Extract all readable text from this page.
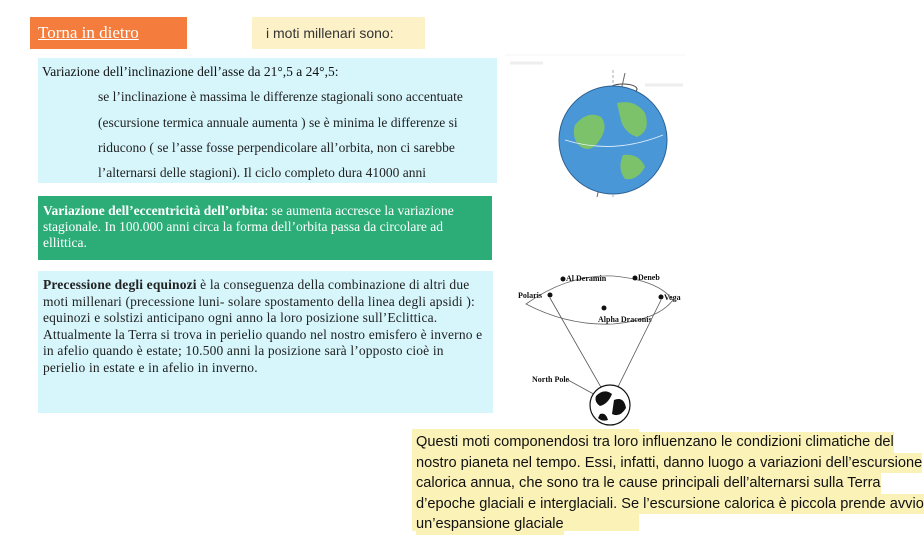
Torna in dietro	i moti millenari sono:
Variazione dell’inclinazione dell’asse da 21°,5 a 24°,5:
se l’inclinazione è massima le differenze stagionali sono accentuate
(escursione termica annuale aumenta ) se è minima le differenze si
riducono ( se l’asse fosse perpendicolare all’orbita, non ci sarebbe
l’alternarsi delle stagioni). Il ciclo completo dura 41000 anni
Variazione dell’eccentricità dell’orbita: se aumenta accresce la variazione stagionale. In 100.000 anni circa la forma dell’orbita passa da circolare ad ellittica.
Precessione degli equinozi è la conseguenza della combinazione di altri due moti millenari (precessione luni- solare spostamento della linea degli apsidi ): equinozi e solstizi anticipano ogni anno la loro posizione sull’Eclittica. Attualmente la Terra si trova in perielio quando nel nostro emisfero è inverno e in afelio quando è estate; 10.500 anni la posizione sarà l’opposto cioè in perielio in estate e in afelio in inverno.
Questi moti componendosi tra loro influenzano le condizioni climatiche del
nostro pianeta nel tempo. Essi, infatti, danno luogo a variazioni dell’escursione
calorica annua, che sono tra le cause principali dell’alternarsi sulla Terra
d’epoche glaciali e interglaciali. Se l’escursione calorica è piccola prende avvio
un’espansione glaciale
Al Deramin	Deneb
Polaris	Vega
Alpha Draconis
North Pole
